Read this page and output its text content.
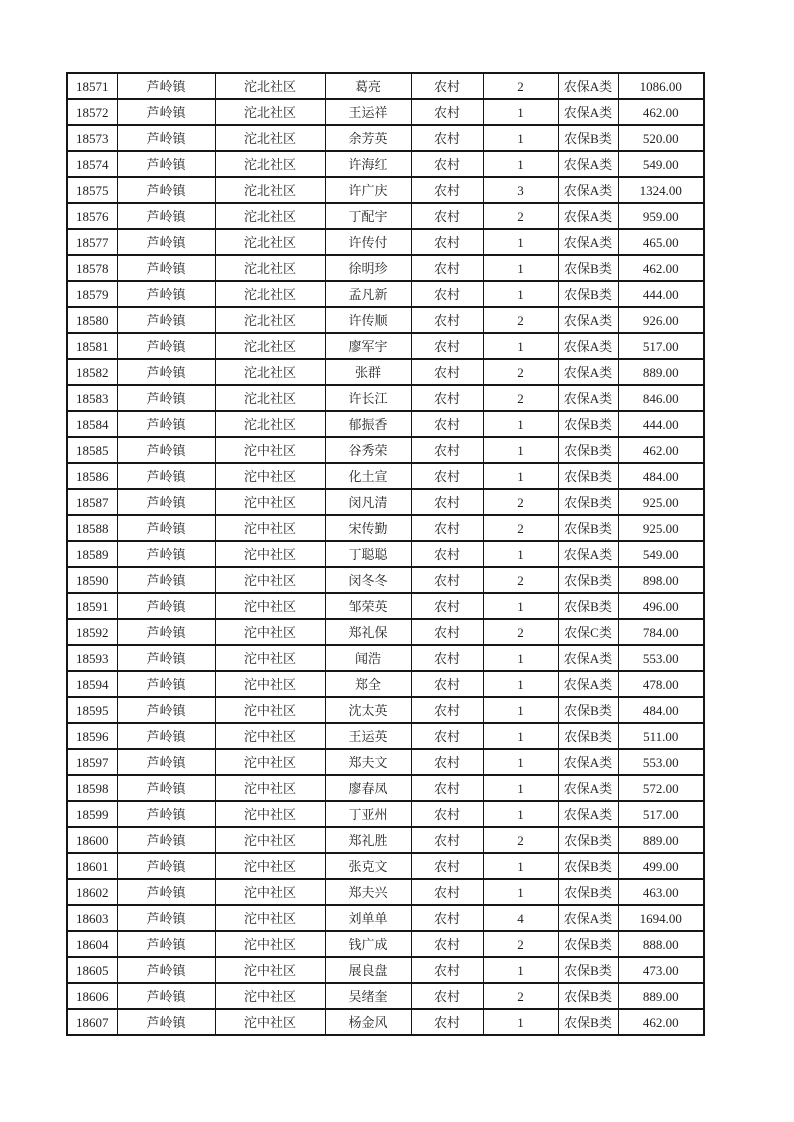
18571	芦岭镇	沱北社区	葛亮	农村	2	农保A类	1086.00
18572	芦岭镇	沱北社区	王运祥	农村	1	农保A类	462.00
18573	芦岭镇	沱北社区	余芳英	农村	1	农保B类	520.00
18574	芦岭镇	沱北社区	许海红	农村	1	农保A类	549.00
18575	芦岭镇	沱北社区	许广庆	农村	3	农保A类	1324.00
18576	芦岭镇	沱北社区	丁配宇	农村	2	农保A类	959.00
18577	芦岭镇	沱北社区	许传付	农村	1	农保A类	465.00
18578	芦岭镇	沱北社区	徐明珍	农村	1	农保B类	462.00
18579	芦岭镇	沱北社区	孟凡新	农村	1	农保B类	444.00
18580	芦岭镇	沱北社区	许传顺	农村	2	农保A类	926.00
18581	芦岭镇	沱北社区	廖军宇	农村	1	农保A类	517.00
18582	芦岭镇	沱北社区	张群	农村	2	农保A类	889.00
18583	芦岭镇	沱北社区	许长江	农村	2	农保A类	846.00
18584	芦岭镇	沱北社区	郁振香	农村	1	农保B类	444.00
18585	芦岭镇	沱中社区	谷秀荣	农村	1	农保B类	462.00
18586	芦岭镇	沱中社区	化土宣	农村	1	农保B类	484.00
18587	芦岭镇	沱中社区	闵凡清	农村	2	农保B类	925.00
18588	芦岭镇	沱中社区	宋传勤	农村	2	农保B类	925.00
18589	芦岭镇	沱中社区	丁聪聪	农村	1	农保A类	549.00
18590	芦岭镇	沱中社区	闵冬冬	农村	2	农保B类	898.00
18591	芦岭镇	沱中社区	邹荣英	农村	1	农保B类	496.00
18592	芦岭镇	沱中社区	郑礼保	农村	2	农保C类	784.00
18593	芦岭镇	沱中社区	闻浩	农村	1	农保A类	553.00
18594	芦岭镇	沱中社区	郑全	农村	1	农保A类	478.00
18595	芦岭镇	沱中社区	沈太英	农村	1	农保B类	484.00
18596	芦岭镇	沱中社区	王运英	农村	1	农保B类	511.00
18597	芦岭镇	沱中社区	郑夫文	农村	1	农保A类	553.00
18598	芦岭镇	沱中社区	廖春凤	农村	1	农保A类	572.00
18599	芦岭镇	沱中社区	丁亚州	农村	1	农保A类	517.00
18600	芦岭镇	沱中社区	郑礼胜	农村	2	农保B类	889.00
18601	芦岭镇	沱中社区	张克文	农村	1	农保B类	499.00
18602	芦岭镇	沱中社区	郑夫兴	农村	1	农保B类	463.00
18603	芦岭镇	沱中社区	刘单单	农村	4	农保A类	1694.00
18604	芦岭镇	沱中社区	钱广成	农村	2	农保B类	888.00
18605	芦岭镇	沱中社区	展良盘	农村	1	农保B类	473.00
18606	芦岭镇	沱中社区	吴绪奎	农村	2	农保B类	889.00
18607	芦岭镇	沱中社区	杨金风	农村	1	农保B类	462.00
